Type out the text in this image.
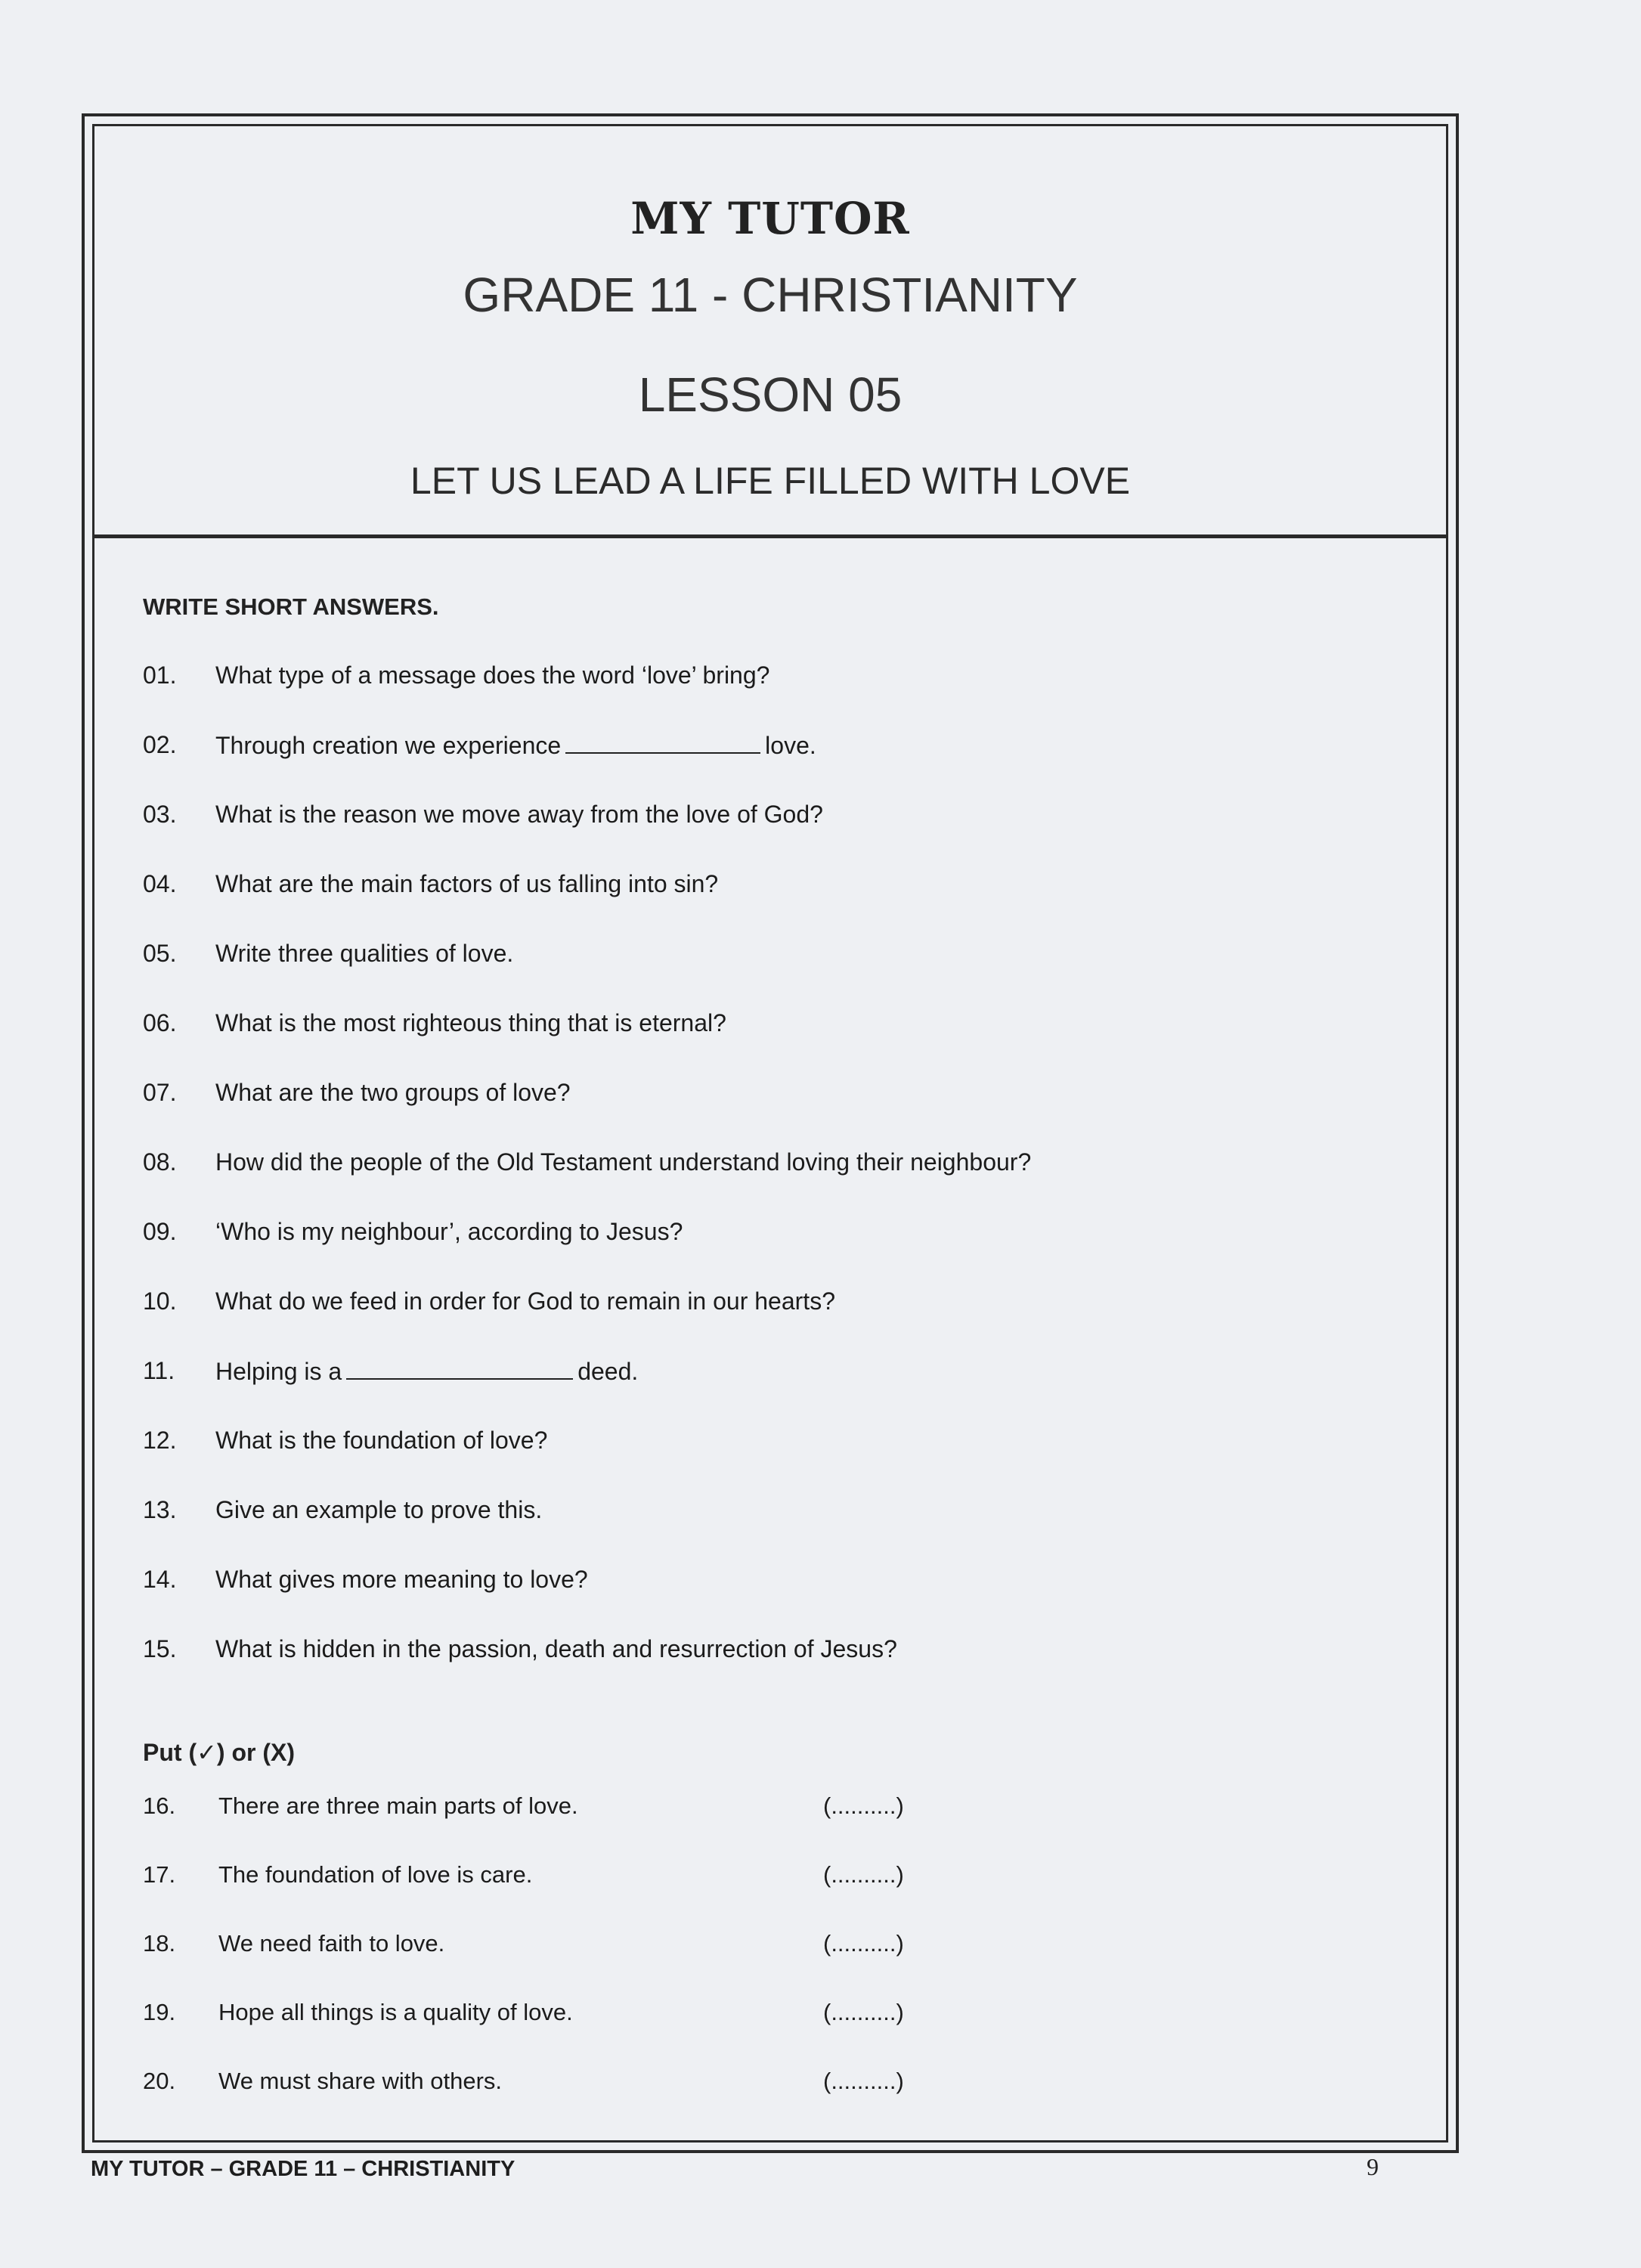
MY TUTOR
GRADE 11 - CHRISTIANITY
LESSON 05
LET US LEAD A LIFE FILLED WITH LOVE

WRITE SHORT ANSWERS.

01.	What type of a message does the word ‘love’ bring?
02.	Through creation we experience	love.
03.	What is the reason we move away from the love of God?
04.	What are the main factors of us falling into sin?
05.	Write three qualities of love.
06.	What is the most righteous thing that is eternal?
07.	What are the two groups of love?
08.	How did the people of the Old Testament understand loving their neighbour?
09.	‘Who is my neighbour’, according to Jesus?
10.	What do we feed in order for God to remain in our hearts?
11.	Helping is a	deed.
12.	What is the foundation of love?
13.	Give an example to prove this.
14.	What gives more meaning to love?
15.	What is hidden in the passion, death and resurrection of Jesus?

Put (✓) or (X)

16.	There are three main parts of love.	(..........)
17.	The foundation of love is care.	(..........)
18.	We need faith to love.	(..........)
19.	Hope all things is a quality of love.	(..........)
20.	We must share with others.	(..........)
MY TUTOR – GRADE 11 – CHRISTIANITY	9
